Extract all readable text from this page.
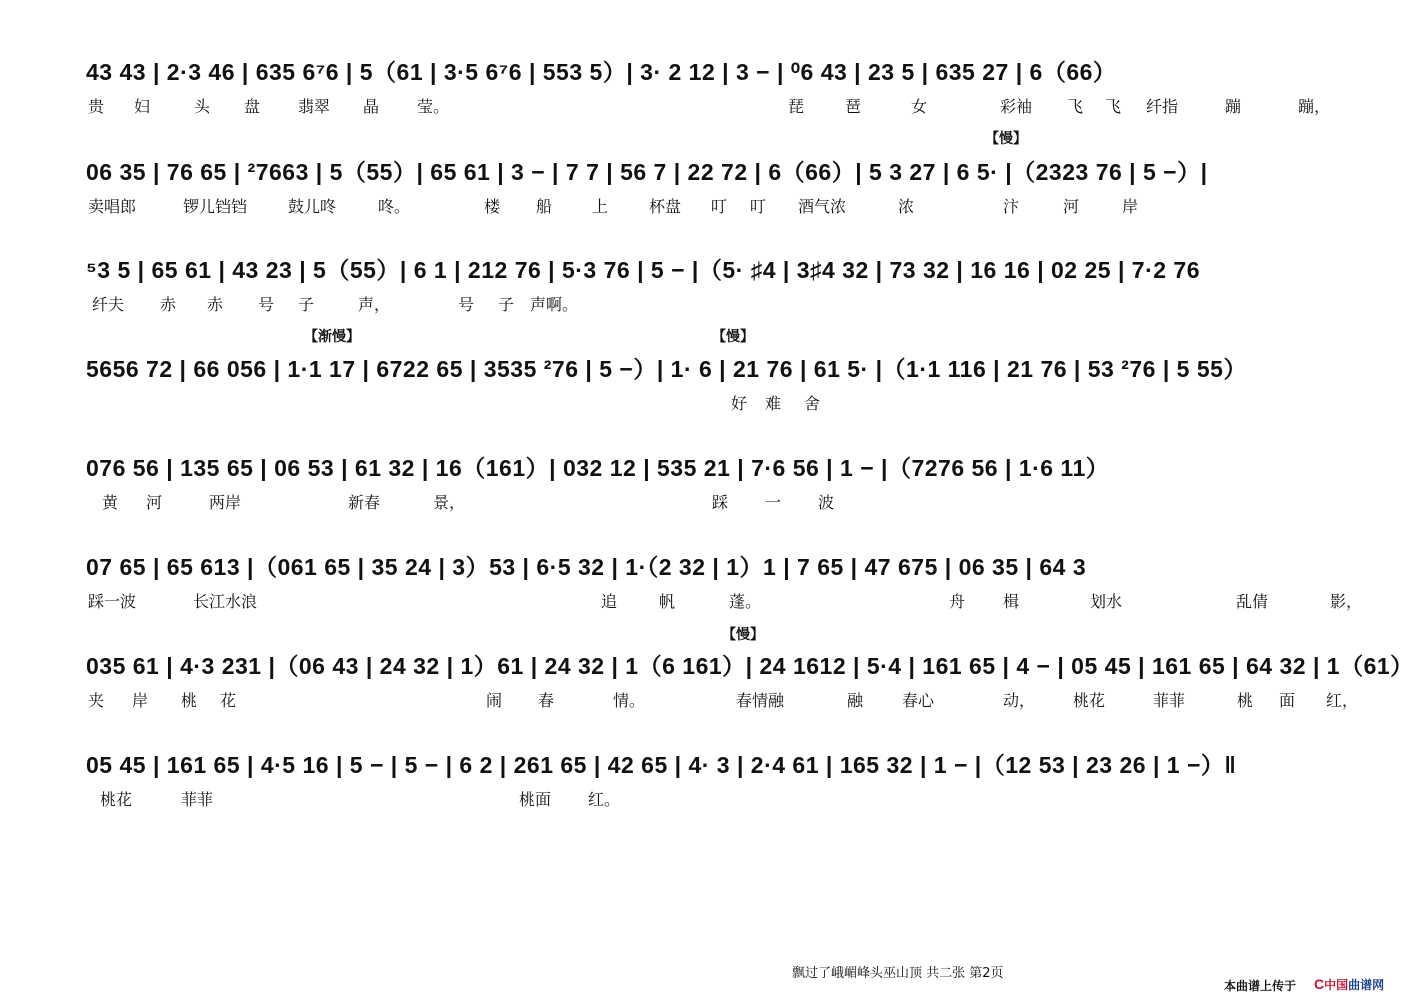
43 43 | 2·3 46 | 635 6⁷6 | 5（61 | 3·5 6⁷6 | 553 5）| 3· 2 12 | 3 − | ⁰6 43 | 23 5 | 635 27 | 6（66）
贵 妇	头 盘 翡翠 晶 莹。	琵	琶	女	彩袖 飞 飞 纤指	蹦	蹦，
【慢】
06 35 | 76 65 | ²7663 | 5（55）| 65 61 | 3 − | 7 7 | 56 7 | 22 72 | 6（66）| 5 3 27 | 6 5· |（2323 76 | 5 −）|
卖唱郎	锣儿铛铛	鼓儿咚	咚。	楼 船 上	杯盘 叮 叮 酒气浓	浓	汴	河	岸
⁵3 5 | 65 61 | 43 23 | 5（55）| 6 1 | 212 76 | 5·3 76 | 5 − |（5· ♯4 | 3♯4 32 | 73 32 | 16 16 | 02 25 | 7·2 76
纤夫 赤 赤 号 子	声，	号 子 声啊。
【渐慢】	【慢】
5656 72 | 66 056 | 1·1 17 | 6722 65 | 3535 ²76 | 5 −）| 1· 6 | 21 76 | 61 5· |（1·1 116 | 21 76 | 53 ²76 | 5 55）
好 难 舍
076 56 | 135 65 | 06 53 | 61 32 | 16（161）| 032 12 | 535 21 | 7·6 56 | 1 − |（7276 56 | 1·6 11）
黄 河	两岸	新春	景，	踩 一 波
07 65 | 65 613 |（061 65 | 35 24 | 3）53 | 6·5 32 | 1·（2 32 | 1）1 | 7 65 | 47 675 | 06 35 | 64 3
踩一波	长江水浪	追	帆	蓬。	舟 楫	划水	乱倩	影，
【慢】
035 61 | 4·3 231 |（06 43 | 24 32 | 1）61 | 24 32 | 1（6 161）| 24 1612 | 5·4 | 161 65 | 4 − | 05 45 | 161 65 | 64 32 | 1（61）
夹 岸 桃 花	闹 春	情。	春情融	融 春心	动， 桃花	菲菲	桃 面 红，
05 45 | 161 65 | 4·5 16 | 5 − | 5 − | 6 2 | 261 65 | 42 65 | 4· 3 | 2·4 61 | 165 32 | 1 − |（12 53 | 23 26 | 1 −）‖
桃花	菲菲	桃面 红。
飘过了峨嵋峰头巫山顶 共二张 第2页
本曲谱上传于 C中国曲谱网
